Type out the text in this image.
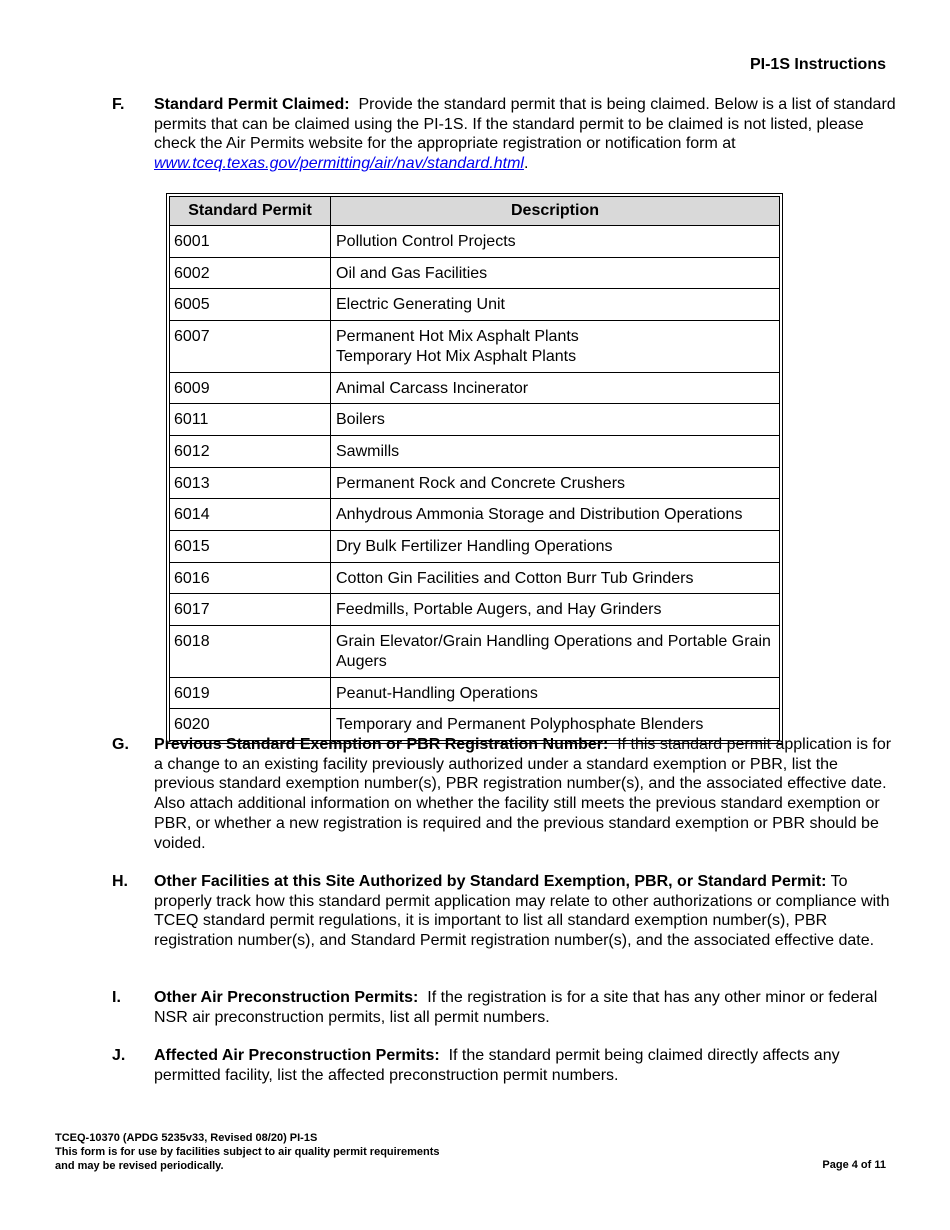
PI-1S Instructions
F. Standard Permit Claimed: Provide the standard permit that is being claimed. Below is a list of standard permits that can be claimed using the PI-1S. If the standard permit to be claimed is not listed, please check the Air Permits website for the appropriate registration or notification form at www.tceq.texas.gov/permitting/air/nav/standard.html.
Standard Permit	Description
6001	Pollution Control Projects

6002	Oil and Gas Facilities

6005	Electric Generating Unit

6007	Permanent Hot Mix Asphalt Plants
Temporary Hot Mix Asphalt Plants

6009	Animal Carcass Incinerator

6011	Boilers

6012	Sawmills

6013	Permanent Rock and Concrete Crushers

6014	Anhydrous Ammonia Storage and Distribution Operations

6015	Dry Bulk Fertilizer Handling Operations

6016	Cotton Gin Facilities and Cotton Burr Tub Grinders

6017	Feedmills, Portable Augers, and Hay Grinders

6018	Grain Elevator/Grain Handling Operations and Portable Grain Augers

6019	Peanut-Handling Operations

6020	Temporary and Permanent Polyphosphate Blenders
G. Previous Standard Exemption or PBR Registration Number: If this standard permit application is for a change to an existing facility previously authorized under a standard exemption or PBR, list the previous standard exemption number(s), PBR registration number(s), and the associated effective date. Also attach additional information on whether the facility still meets the previous standard exemption or PBR, or whether a new registration is required and the previous standard exemption or PBR should be voided.
H. Other Facilities at this Site Authorized by Standard Exemption, PBR, or Standard Permit: To properly track how this standard permit application may relate to other authorizations or compliance with TCEQ standard permit regulations, it is important to list all standard exemption number(s), PBR registration number(s), and Standard Permit registration number(s), and the associated effective date.
I. Other Air Preconstruction Permits: If the registration is for a site that has any other minor or federal NSR air preconstruction permits, list all permit numbers.
J. Affected Air Preconstruction Permits: If the standard permit being claimed directly affects any permitted facility, list the affected preconstruction permit numbers.
TCEQ-10370 (APDG 5235v33, Revised 08/20) PI-1S
This form is for use by facilities subject to air quality permit requirements
and may be revised periodically.	Page 4 of 11
